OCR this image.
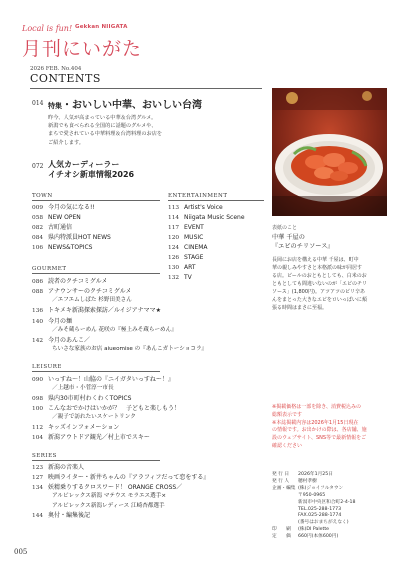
Local is fun! Gekkan NIIGATA
月刊にいがた
2026 FEB. No.404
CONTENTS
014 特集・おいしい中華、おいしい台湾
昨今、人気が高まっている中華＆台湾グルメ。
新潟でも食べられる全国的に話題のグルメや、
まちで愛されている中華料理＆台湾料理のお店を
ご紹介します。
072 人気カーディーラー
イチオシ新車情報2026
TOWN
009 今月の気になる!!
058 NEW OPEN
082 古町通信
084 県内特派員HOT NEWS
106 NEWS&TOPICS
ENTERTAINMENT
113 Artist's Voice
114 Niigata Music Scene
117 EVENT
120 MUSIC
124 CINEMA
126 STAGE
130 ART
132 TV
GOURMET
086 読者のクチコミグルメ
088 アナウンサーのクチコミグルメ
／エフエムしばた 杉野田美さん
136 トキメキ新潟探索探訪／ルイジアナママ★
140 今月の麺
／みそ蔵らーめん 花咲の『極上みそ蔵らーめん』
142 今月のあんこ／
ちいさな家族のお店 aiueomise の『あんこガトーショコラ』
LEISURE
090 いっすね～！山脇の『ニイガタいっすねー！』
／上越市・小菅淳一市長
098 県内30市町村わくわくTOPICS
100 こんなおでかけはいかが？　子どもと楽しもう！
／親子で訪れたいスケートリンク
112 キッズインフォメーション
104 新潟アウトドア観光／村上市でスキー
SERIES
123 新潟の音楽人
127 映画ライター・新井ちゃんの『アラフィフだって恋をする』
134 妖精乗りするクロスワード！ ORANGE CROSS／
アルビレックス新潟 マテウス モラエス選手×
アルビレックス新潟レディース 江崎杏都選手
144 奥付・編集後記
表紙のこと
中華 千屋の
『エビのチリソース』
長岡にお店を構える中華 千屋は、町中
華の親しみやすさと本格派の味が同居す
る店。ビールのおともとしても、白米のお
ともとしても間違いないのが「エビのチリ
ソース」(1,800円)。アツアツのピリ辛あ
んをまとった大きなエビをロいっぱいに頬
張る時間はまさに至福。
※掲載価格は一部を除き、消費税込みの
総額表示です
※本誌掲載内容は2026年1月15日現在
の情報です。お出かけの際は、各店舗、施
設のウェブサイト、SNS等で最新情報をご
確認ください
発 行 日 2026年1月25日
発 行 人 穂村孝樹
企画・編集 (株)ジョイフルタウン
〒950-0965
新潟市中央区和合町2-4-18
TEL.025-288-1773
FAX.025-288-1774
(番号はおまちがえなく)
印　　刷 (株)DI Palette
定　　価 660円(本体600円)
005
